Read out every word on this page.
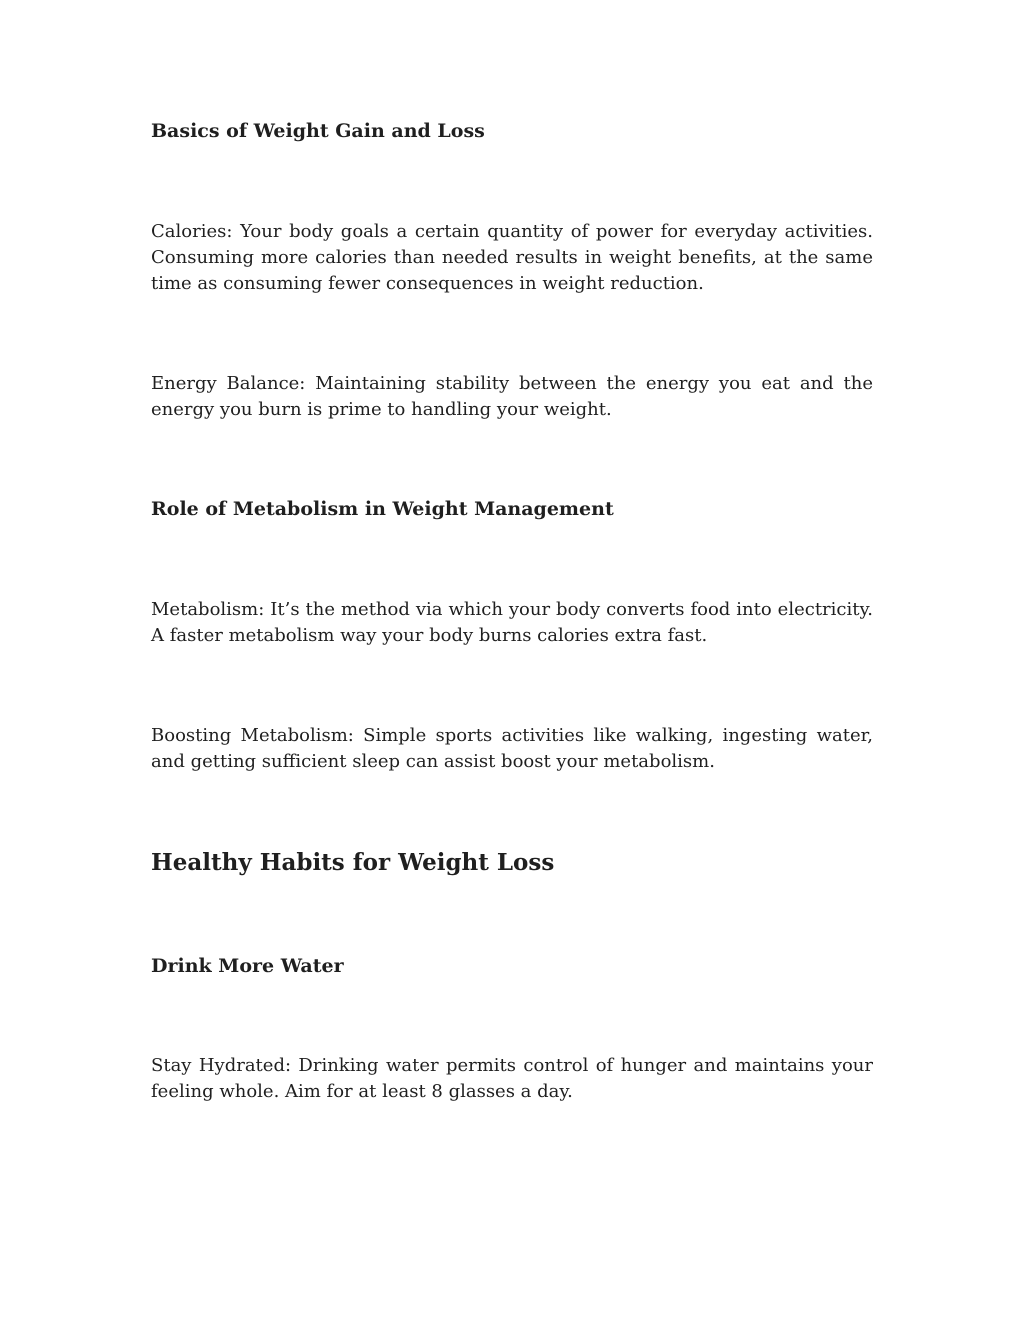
Basics of Weight Gain and Loss

Calories: Your body goals a certain quantity of power for everyday activities. Consuming more calories than needed results in weight benefits, at the same time as consuming fewer consequences in weight reduction.

Energy Balance: Maintaining stability between the energy you eat and the energy you burn is prime to handling your weight.

Role of Metabolism in Weight Management

Metabolism: It’s the method via which your body converts food into electricity. A faster metabolism way your body burns calories extra fast.

Boosting Metabolism: Simple sports activities like walking, ingesting water, and getting sufficient sleep can assist boost your metabolism.

Healthy Habits for Weight Loss
Drink More Water

Stay Hydrated: Drinking water permits control of hunger and maintains your feeling whole. Aim for at least 8 glasses a day.
